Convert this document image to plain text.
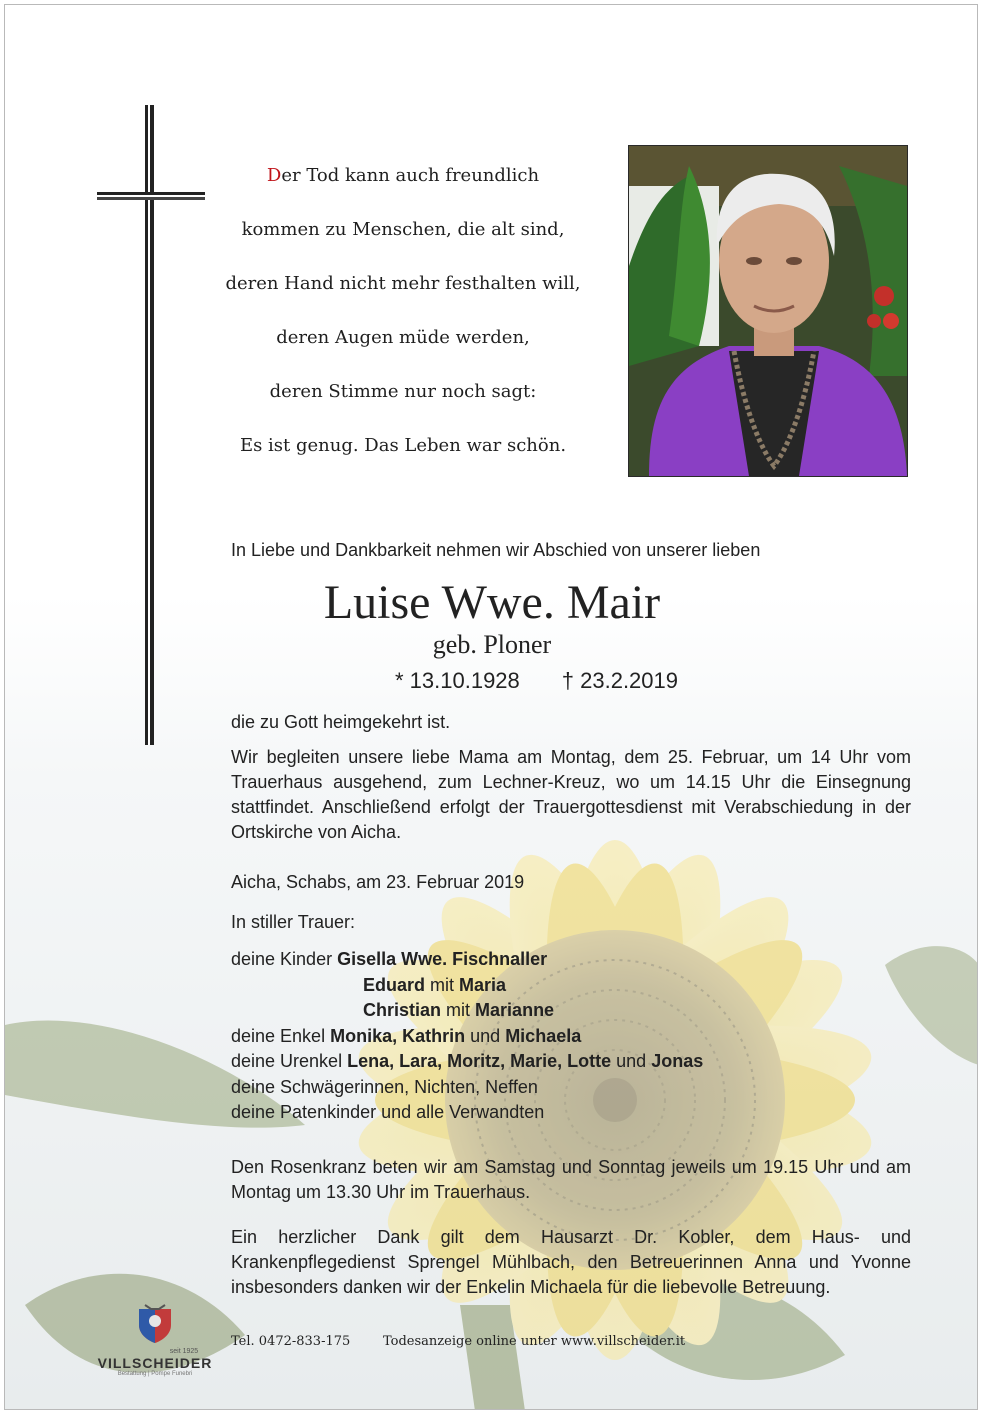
Der Tod kann auch freundlich
kommen zu Menschen, die alt sind,
deren Hand nicht mehr festhalten will,
deren Augen müde werden,
deren Stimme nur noch sagt:
Es ist genug. Das Leben war schön.
In Liebe und Dankbarkeit nehmen wir Abschied von unserer lieben
Luise Wwe. Mair
geb. Ploner
* 13.10.1928 † 23.2.2019
die zu Gott heimgekehrt ist.
Wir begleiten unsere liebe Mama am Montag, dem 25. Februar, um 14 Uhr vom Trauerhaus ausgehend, zum Lechner-Kreuz, wo um 14.15 Uhr die Einsegnung stattfindet. Anschließend erfolgt der Trauergottesdienst mit Verabschiedung in der Ortskirche von Aicha.
Aicha, Schabs, am 23. Februar 2019
In stiller Trauer:
deine Kinder Gisella Wwe. Fischnaller
Eduard mit Maria
Christian mit Marianne
deine Enkel Monika, Kathrin und Michaela
deine Urenkel Lena, Lara, Moritz, Marie, Lotte und Jonas
deine Schwägerinnen, Nichten, Neffen
deine Patenkinder und alle Verwandten
Den Rosenkranz beten wir am Samstag und Sonntag jeweils um 19.15 Uhr und am Montag um 13.30 Uhr im Trauerhaus.
Ein herzlicher Dank gilt dem Hausarzt Dr. Kobler, dem Haus- und Krankenpflegedienst Sprengel Mühlbach, den Betreuerinnen Anna und Yvonne insbesonders danken wir der Enkelin Michaela für die liebevolle Betreuung.
seit 1925
VILLSCHEIDER
Bestattung | Pompe Funebri
Tel. 0472-833-175	Todesanzeige online unter www.villscheider.it
